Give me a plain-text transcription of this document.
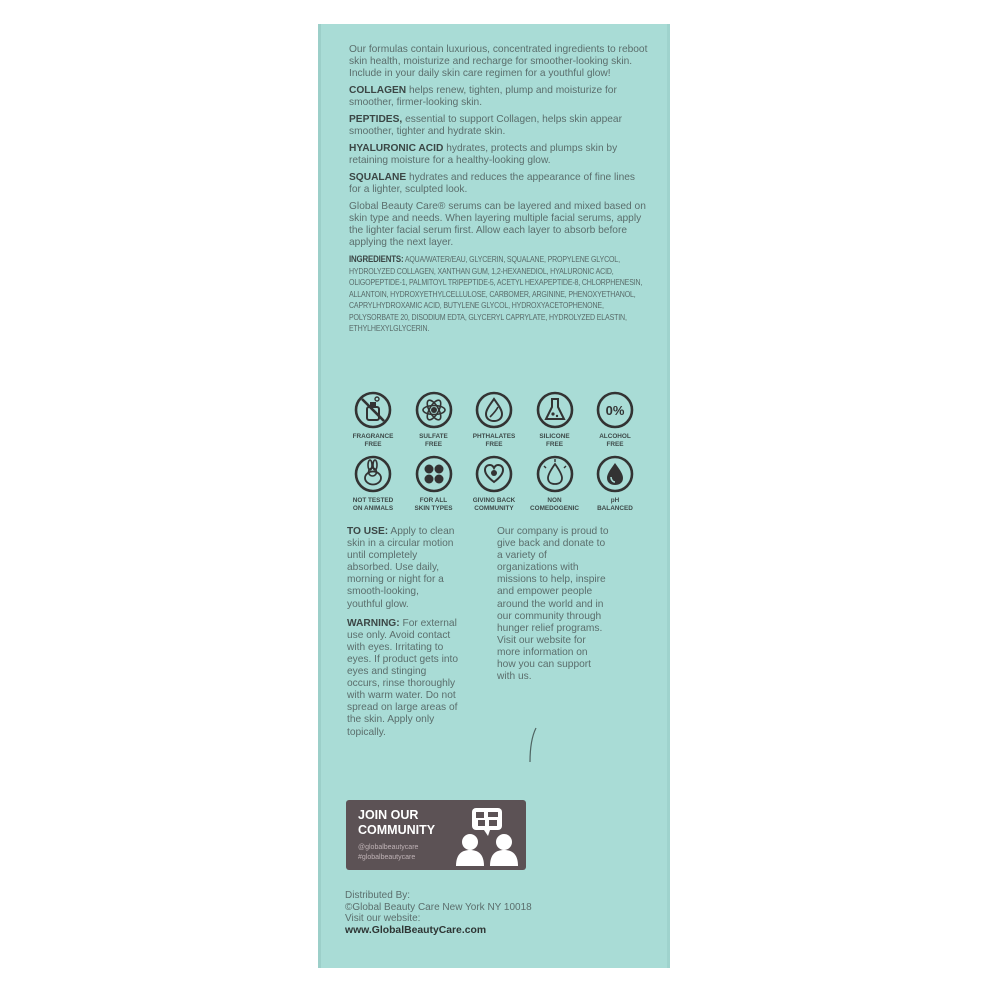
Our formulas contain luxurious, concentrated ingredients to reboot skin health, moisturize and recharge for smoother-looking skin. Include in your daily skin care regimen for a youthful glow!

COLLAGEN helps renew, tighten, plump and moisturize for smoother, firmer-looking skin.

PEPTIDES, essential to support Collagen, helps skin appear smoother, tighter and hydrate skin.

HYALURONIC ACID hydrates, protects and plumps skin by retaining moisture for a healthy-looking glow.

SQUALANE hydrates and reduces the appearance of fine lines for a lighter, sculpted look.

Global Beauty Care® serums can be layered and mixed based on skin type and needs. When layering multiple facial serums, apply the lighter facial serum first. Allow each layer to absorb before applying the next layer.

INGREDIENTS: AQUA/WATER/EAU, GLYCERIN, SQUALANE, PROPYLENE GLYCOL, HYDROLYZED COLLAGEN, XANTHAN GUM, 1,2-HEXANEDIOL, HYALURONIC ACID, OLIGOPEPTIDE-1, PALMITOYL TRIPEPTIDE-5, ACETYL HEXAPEPTIDE-8, CHLORPHENESIN, ALLANTOIN, HYDROXYETHYLCELLULOSE, CARBOMER, ARGININE, PHENOXYETHANOL, CAPRYLHYDROXAMIC ACID, BUTYLENE GLYCOL, HYDROXYACETOPHENONE, POLYSORBATE 20, DISODIUM EDTA, GLYCERYL CAPRYLATE, HYDROLYZED ELASTIN, ETHYLHEXYLGLYCERIN.

FRAGRANCE
FREE
SULFATE
FREE
PHTHALATES
FREE
SILICONE
FREE
0%
ALCOHOL
FREE
NOT TESTED
ON ANIMALS
FOR ALL
SKIN TYPES
GIVING BACK
COMMUNITY
NON
COMEDOGENIC
pH
BALANCED
TO USE: Apply to clean
skin in a circular motion
until completely
absorbed. Use daily,
morning or night for a
smooth-looking,
youthful glow.
WARNING: For external
use only. Avoid contact
with eyes. Irritating to
eyes. If product gets into
eyes and stinging
occurs, rinse thoroughly
with warm water. Do not
spread on large areas of
the skin. Apply only
topically.
Our company is proud to
give back and donate to
a variety of
organizations with
missions to help, inspire
and empower people
around the world and in
our community through
hunger relief programs.
Visit our website for
more information on
how you can support
with us.
JOIN OUR
COMMUNITY
@globalbeautycare
#globalbeautycare
Distributed By:
©Global Beauty Care New York NY 10018
Visit our website:
www.GlobalBeautyCare.com
